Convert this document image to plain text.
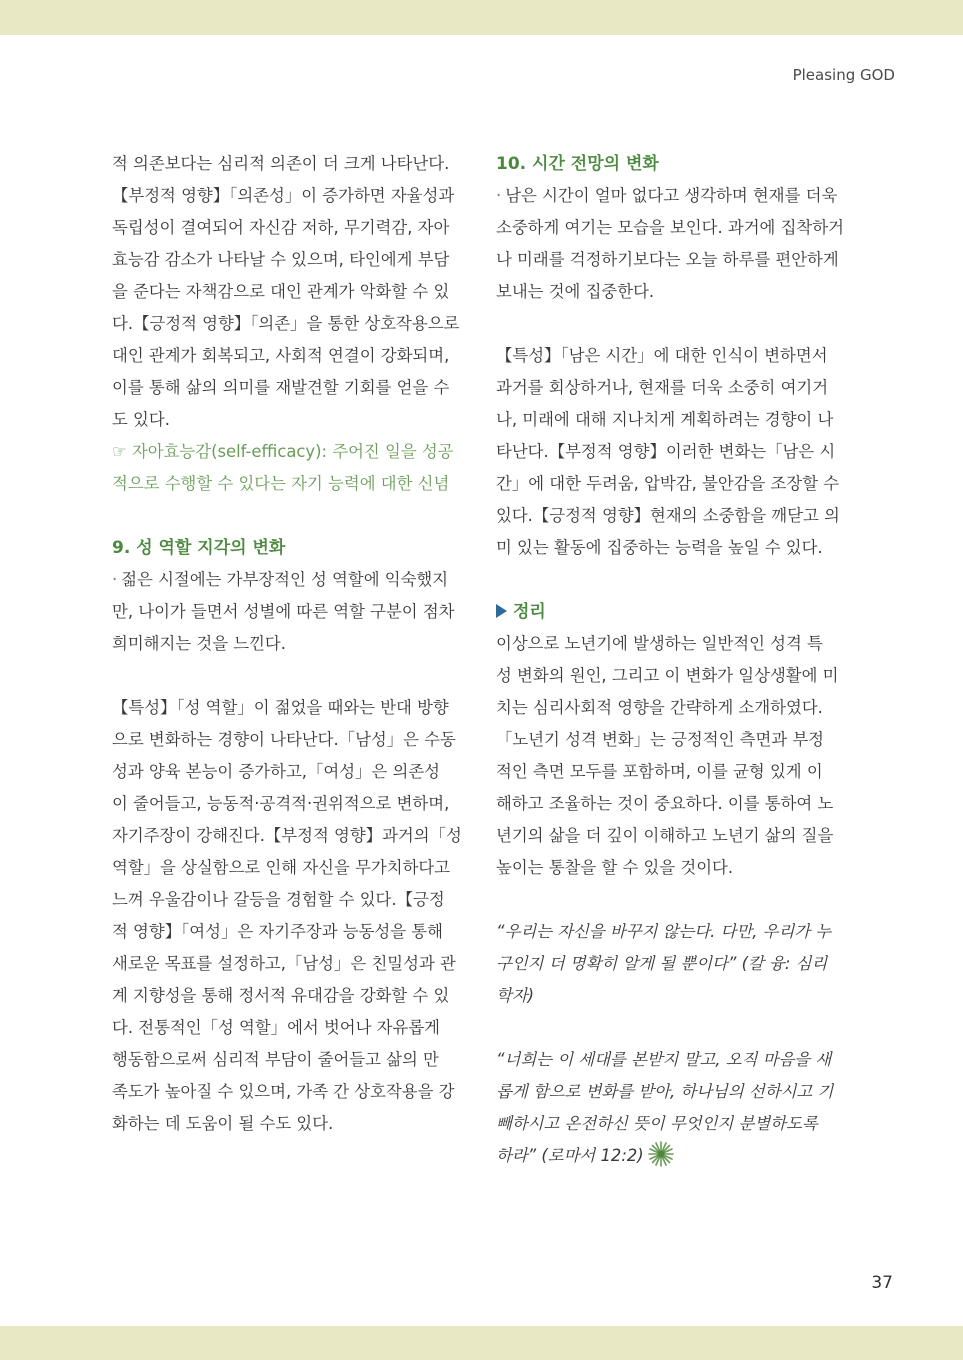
Pleasing GOD
적 의존보다는 심리적 의존이 더 크게 나타난다.
【부정적 영향】「의존성」이 증가하면 자율성과
독립성이 결여되어 자신감 저하, 무기력감, 자아
효능감 감소가 나타날 수 있으며, 타인에게 부담
을 준다는 자책감으로 대인 관계가 악화할 수 있
다.【긍정적 영향】「의존」을 통한 상호작용으로
대인 관계가 회복되고, 사회적 연결이 강화되며,
이를 통해 삶의 의미를 재발견할 기회를 얻을 수
도 있다.
☞ 자아효능감(self-efficacy): 주어진 일을 성공
적으로 수행할 수 있다는 자기 능력에 대한 신념
9. 성 역할 지각의 변화
· 젊은 시절에는 가부장적인 성 역할에 익숙했지
만, 나이가 들면서 성별에 따른 역할 구분이 점차
희미해지는 것을 느낀다.
【특성】「성 역할」이 젊었을 때와는 반대 방향
으로 변화하는 경향이 나타난다.「남성」은 수동
성과 양육 본능이 증가하고,「여성」은 의존성
이 줄어들고, 능동적·공격적·권위적으로 변하며,
자기주장이 강해진다.【부정적 영향】과거의「성
역할」을 상실함으로 인해 자신을 무가치하다고
느껴 우울감이나 갈등을 경험할 수 있다.【긍정
적 영향】「여성」은 자기주장과 능동성을 통해
새로운 목표를 설정하고,「남성」은 친밀성과 관
계 지향성을 통해 정서적 유대감을 강화할 수 있
다. 전통적인「성 역할」에서 벗어나 자유롭게
행동함으로써 심리적 부담이 줄어들고 삶의 만
족도가 높아질 수 있으며, 가족 간 상호작용을 강
화하는 데 도움이 될 수도 있다.
10. 시간 전망의 변화
· 남은 시간이 얼마 없다고 생각하며 현재를 더욱
소중하게 여기는 모습을 보인다. 과거에 집착하거
나 미래를 걱정하기보다는 오늘 하루를 편안하게
보내는 것에 집중한다.
【특성】「남은 시간」에 대한 인식이 변하면서
과거를 회상하거나, 현재를 더욱 소중히 여기거
나, 미래에 대해 지나치게 계획하려는 경향이 나
타난다.【부정적 영향】이러한 변화는「남은 시
간」에 대한 두려움, 압박감, 불안감을 조장할 수
있다.【긍정적 영향】현재의 소중함을 깨닫고 의
미 있는 활동에 집중하는 능력을 높일 수 있다.
정리
이상으로 노년기에 발생하는 일반적인 성격 특
성 변화의 원인, 그리고 이 변화가 일상생활에 미
치는 심리사회적 영향을 간략하게 소개하였다.
「노년기 성격 변화」는 긍정적인 측면과 부정
적인 측면 모두를 포함하며, 이를 균형 있게 이
해하고 조율하는 것이 중요하다. 이를 통하여 노
년기의 삶을 더 깊이 이해하고 노년기 삶의 질을
높이는 통찰을 할 수 있을 것이다.
“우리는 자신을 바꾸지 않는다. 다만, 우리가 누
구인지 더 명확히 알게 될 뿐이다” (칼 융: 심리
학자)
“너희는 이 세대를 본받지 말고, 오직 마음을 새
롭게 함으로 변화를 받아, 하나님의 선하시고 기
빼하시고 온전하신 뜻이 무엇인지 분별하도록
하라” (로마서 12:2)
37
